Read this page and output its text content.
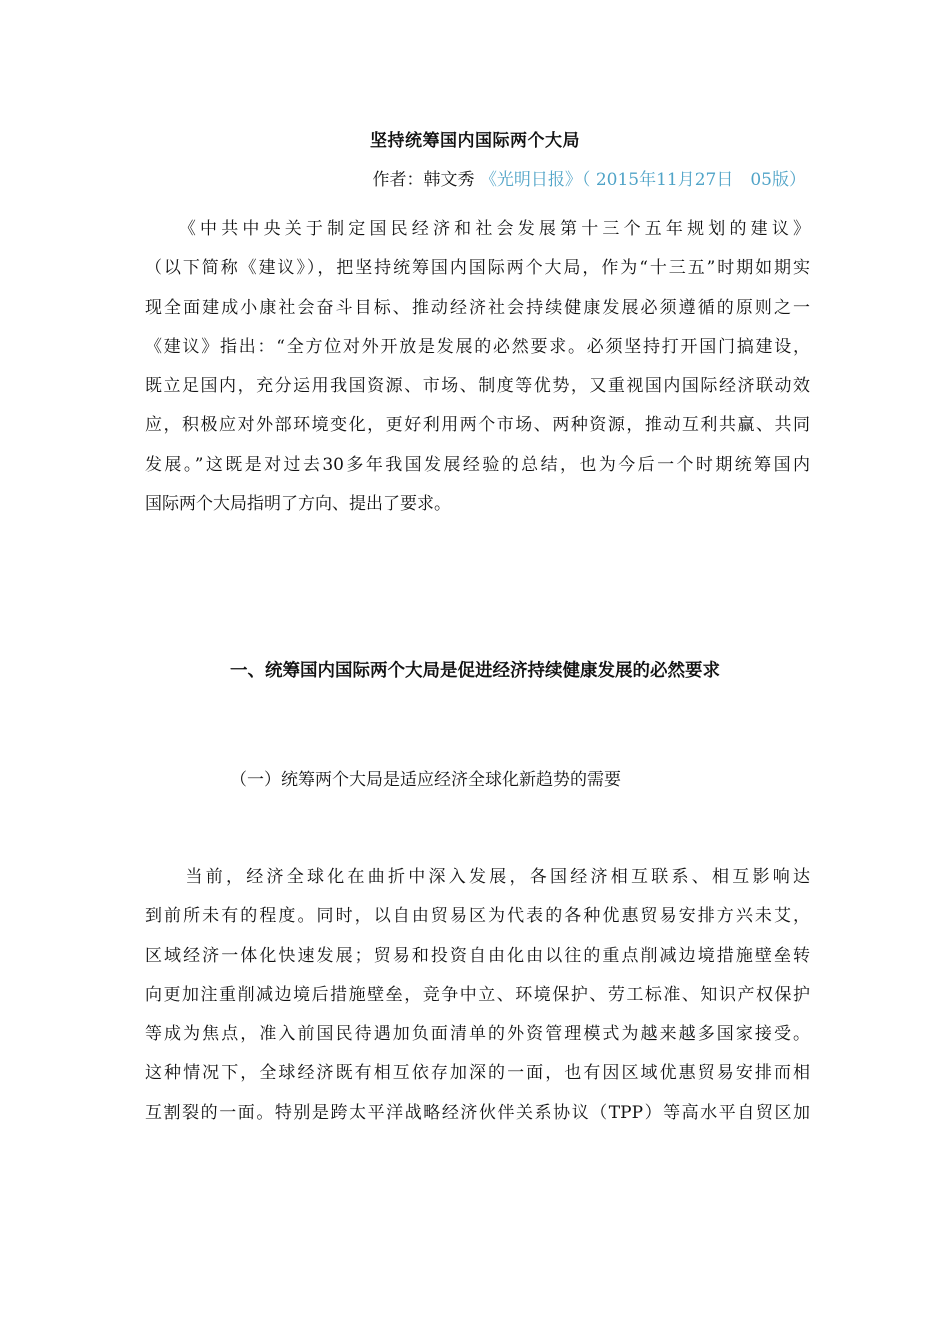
坚持统筹国内国际两个大局
作者：韩文秀 《光明日报》（ 2015年11月27日　05版）
　　《中共中央关于制定国民经济和社会发展第十三个五年规划的建议》
（以下简称《建议》），把坚持统筹国内国际两个大局，作为“十三五”时期如期实
现全面建成小康社会奋斗目标、推动经济社会持续健康发展必须遵循的原则之一
《建议》指出：“全方位对外开放是发展的必然要求。必须坚持打开国门搞建设，
既立足国内，充分运用我国资源、市场、制度等优势，又重视国内国际经济联动效
应，积极应对外部环境变化，更好利用两个市场、两种资源，推动互利共赢、共同
发展。”这既是对过去30多年我国发展经验的总结，也为今后一个时期统筹国内
国际两个大局指明了方向、提出了要求。
一、统筹国内国际两个大局是促进经济持续健康发展的必然要求
（一）统筹两个大局是适应经济全球化新趋势的需要
　　当前，经济全球化在曲折中深入发展，各国经济相互联系、相互影响达
到前所未有的程度。同时，以自由贸易区为代表的各种优惠贸易安排方兴未艾，
区域经济一体化快速发展；贸易和投资自由化由以往的重点削减边境措施壁垒转
向更加注重削减边境后措施壁垒，竞争中立、环境保护、劳工标准、知识产权保护
等成为焦点，准入前国民待遇加负面清单的外资管理模式为越来越多国家接受。
这种情况下，全球经济既有相互依存加深的一面，也有因区域优惠贸易安排而相
互割裂的一面。特别是跨太平洋战略经济伙伴关系协议（TPP）等高水平自贸区加
